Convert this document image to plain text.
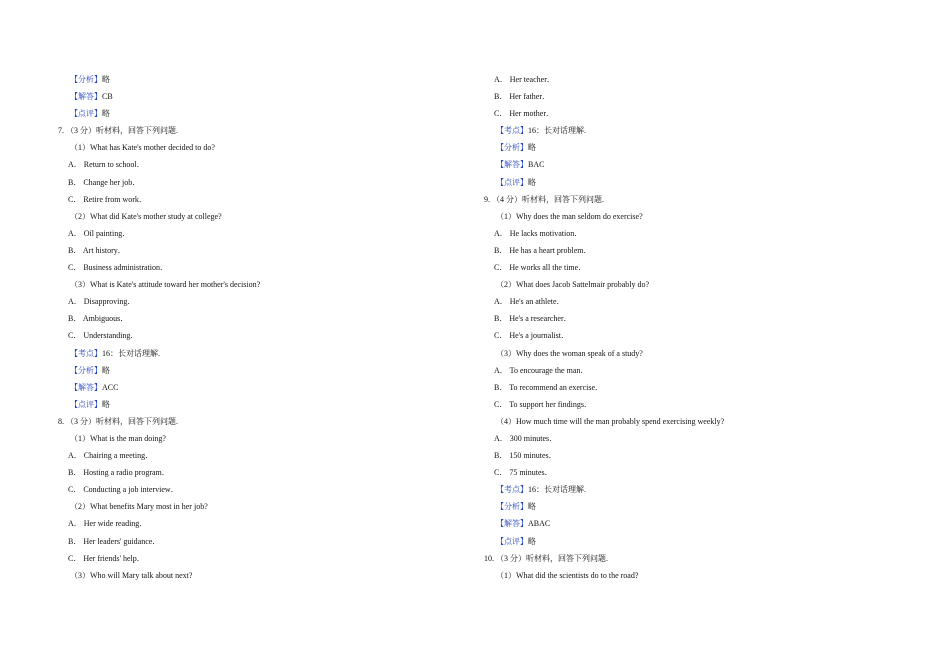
【分析】略
【解答】CB
【点评】略
7. （3 分）听材料，回答下列问题.
（1）What has Kate's mother decided to do?
A． Return to school．
B． Change her job．
C． Retire from work．
（2）What did Kate's mother study at college?
A． Oil painting．
B． Art history．
C． Business administration．
（3）What is Kate's attitude toward her mother's decision?
A． Disapproving．
B． Ambiguous．
C． Understanding．
【考点】16：长对话理解.
【分析】略
【解答】ACC
【点评】略
8. （3 分）听材料，回答下列问题.
（1）What is the man doing?
A． Chairing a meeting．
B． Hosting a radio program．
C． Conducting a job interview．
（2）What benefits Mary most in her job?
A． Her wide reading．
B． Her leaders' guidance．
C． Her friends' help．
（3）Who will Mary talk about next?
A． Her teacher．
B． Her father．
C． Her mother．
【考点】16：长对话理解.
【分析】略
【解答】BAC
【点评】略
9. （4 分）听材料，回答下列问题.
（1）Why does the man seldom do exercise?
A． He lacks motivation．
B． He has a heart problem．
C． He works all the time．
（2）What does Jacob Sattelmair probably do?
A． He's an athlete．
B． He's a researcher．
C． He's a journalist．
（3）Why does the woman speak of a study?
A． To encourage the man．
B． To recommend an exercise．
C． To support her findings．
（4）How much time will the man probably spend exercising weekly?
A． 300 minutes．
B． 150 minutes．
C． 75 minutes．
【考点】16：长对话理解.
【分析】略
【解答】ABAC
【点评】略
10. （3 分）听材料，回答下列问题.
（1）What did the scientists do to the road?
